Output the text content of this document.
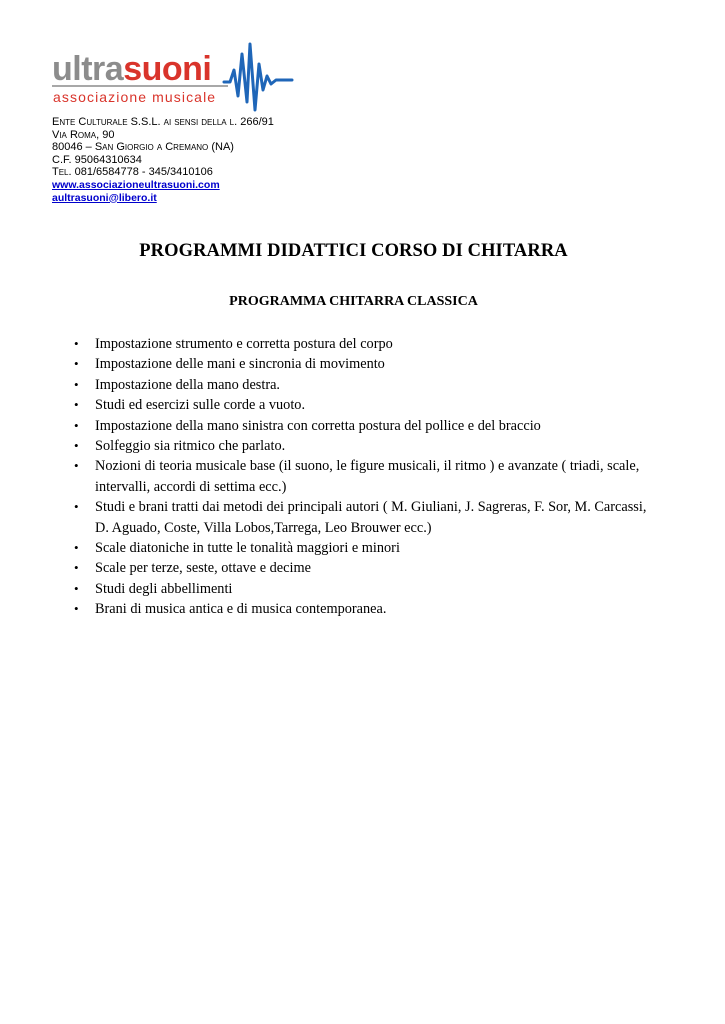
ultra suoni
associazione musicale
Ente Culturale S.S.L. ai sensi della l. 266/91
Via Roma, 90
80046 – San Giorgio a Cremano (NA)
C.F. 95064310634
Tel. 081/6584778 - 345/3410106
www.associazioneultrasuoni.com
aultrasuoni@libero.it
PROGRAMMI DIDATTICI CORSO DI CHITARRA
PROGRAMMA CHITARRA CLASSICA
• Impostazione strumento e corretta postura del corpo
• Impostazione delle mani e sincronia di movimento
• Impostazione della mano destra.
• Studi ed esercizi sulle corde a vuoto.
• Impostazione della mano sinistra con corretta postura del pollice e del braccio
• Solfeggio sia ritmico che parlato.
• Nozioni di teoria musicale base (il suono, le figure musicali, il ritmo ) e avanzate ( triadi, scale, intervalli, accordi di settima ecc.)
• Studi e brani tratti dai metodi dei principali autori ( M. Giuliani, J. Sagreras, F. Sor, M. Carcassi, D. Aguado, Coste, Villa Lobos,Tarrega, Leo Brouwer ecc.)
• Scale diatoniche in tutte le tonalità maggiori e minori
• Scale per terze, seste, ottave e decime
• Studi degli abbellimenti
• Brani di musica antica e di musica contemporanea.
